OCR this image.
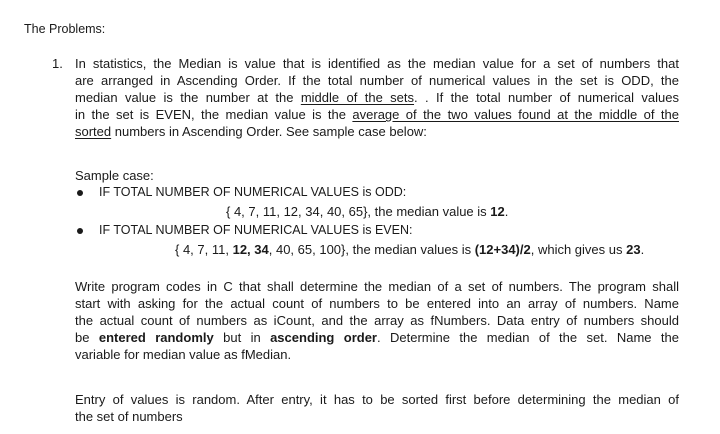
The Problems:
1. In statistics, the Median is value that is identified as the median value for a set of numbers that
are arranged in Ascending Order. If the total number of numerical values in the set is ODD, the
median value is the number at the middle of the sets. . If the total number of numerical values
in the set is EVEN, the median value is the average of the two values found at the middle of the
sorted numbers in Ascending Order. See sample case below:
Sample case:
IF TOTAL NUMBER OF NUMERICAL VALUES is ODD:
{ 4, 7, 11, 12, 34, 40, 65}, the median value is 12.
IF TOTAL NUMBER OF NUMERICAL VALUES is EVEN:
{ 4, 7, 11, 12, 34, 40, 65, 100}, the median values is (12+34)/2, which gives us 23.
Write program codes in C that shall determine the median of a set of numbers. The program shall
start with asking for the actual count of numbers to be entered into an array of numbers. Name
the actual count of numbers as iCount, and the array as fNumbers. Data entry of numbers should
be entered randomly but in ascending order. Determine the median of the set. Name the
variable for median value as fMedian.
Entry of values is random. After entry, it has to be sorted first before determining the median of
the set of numbers
